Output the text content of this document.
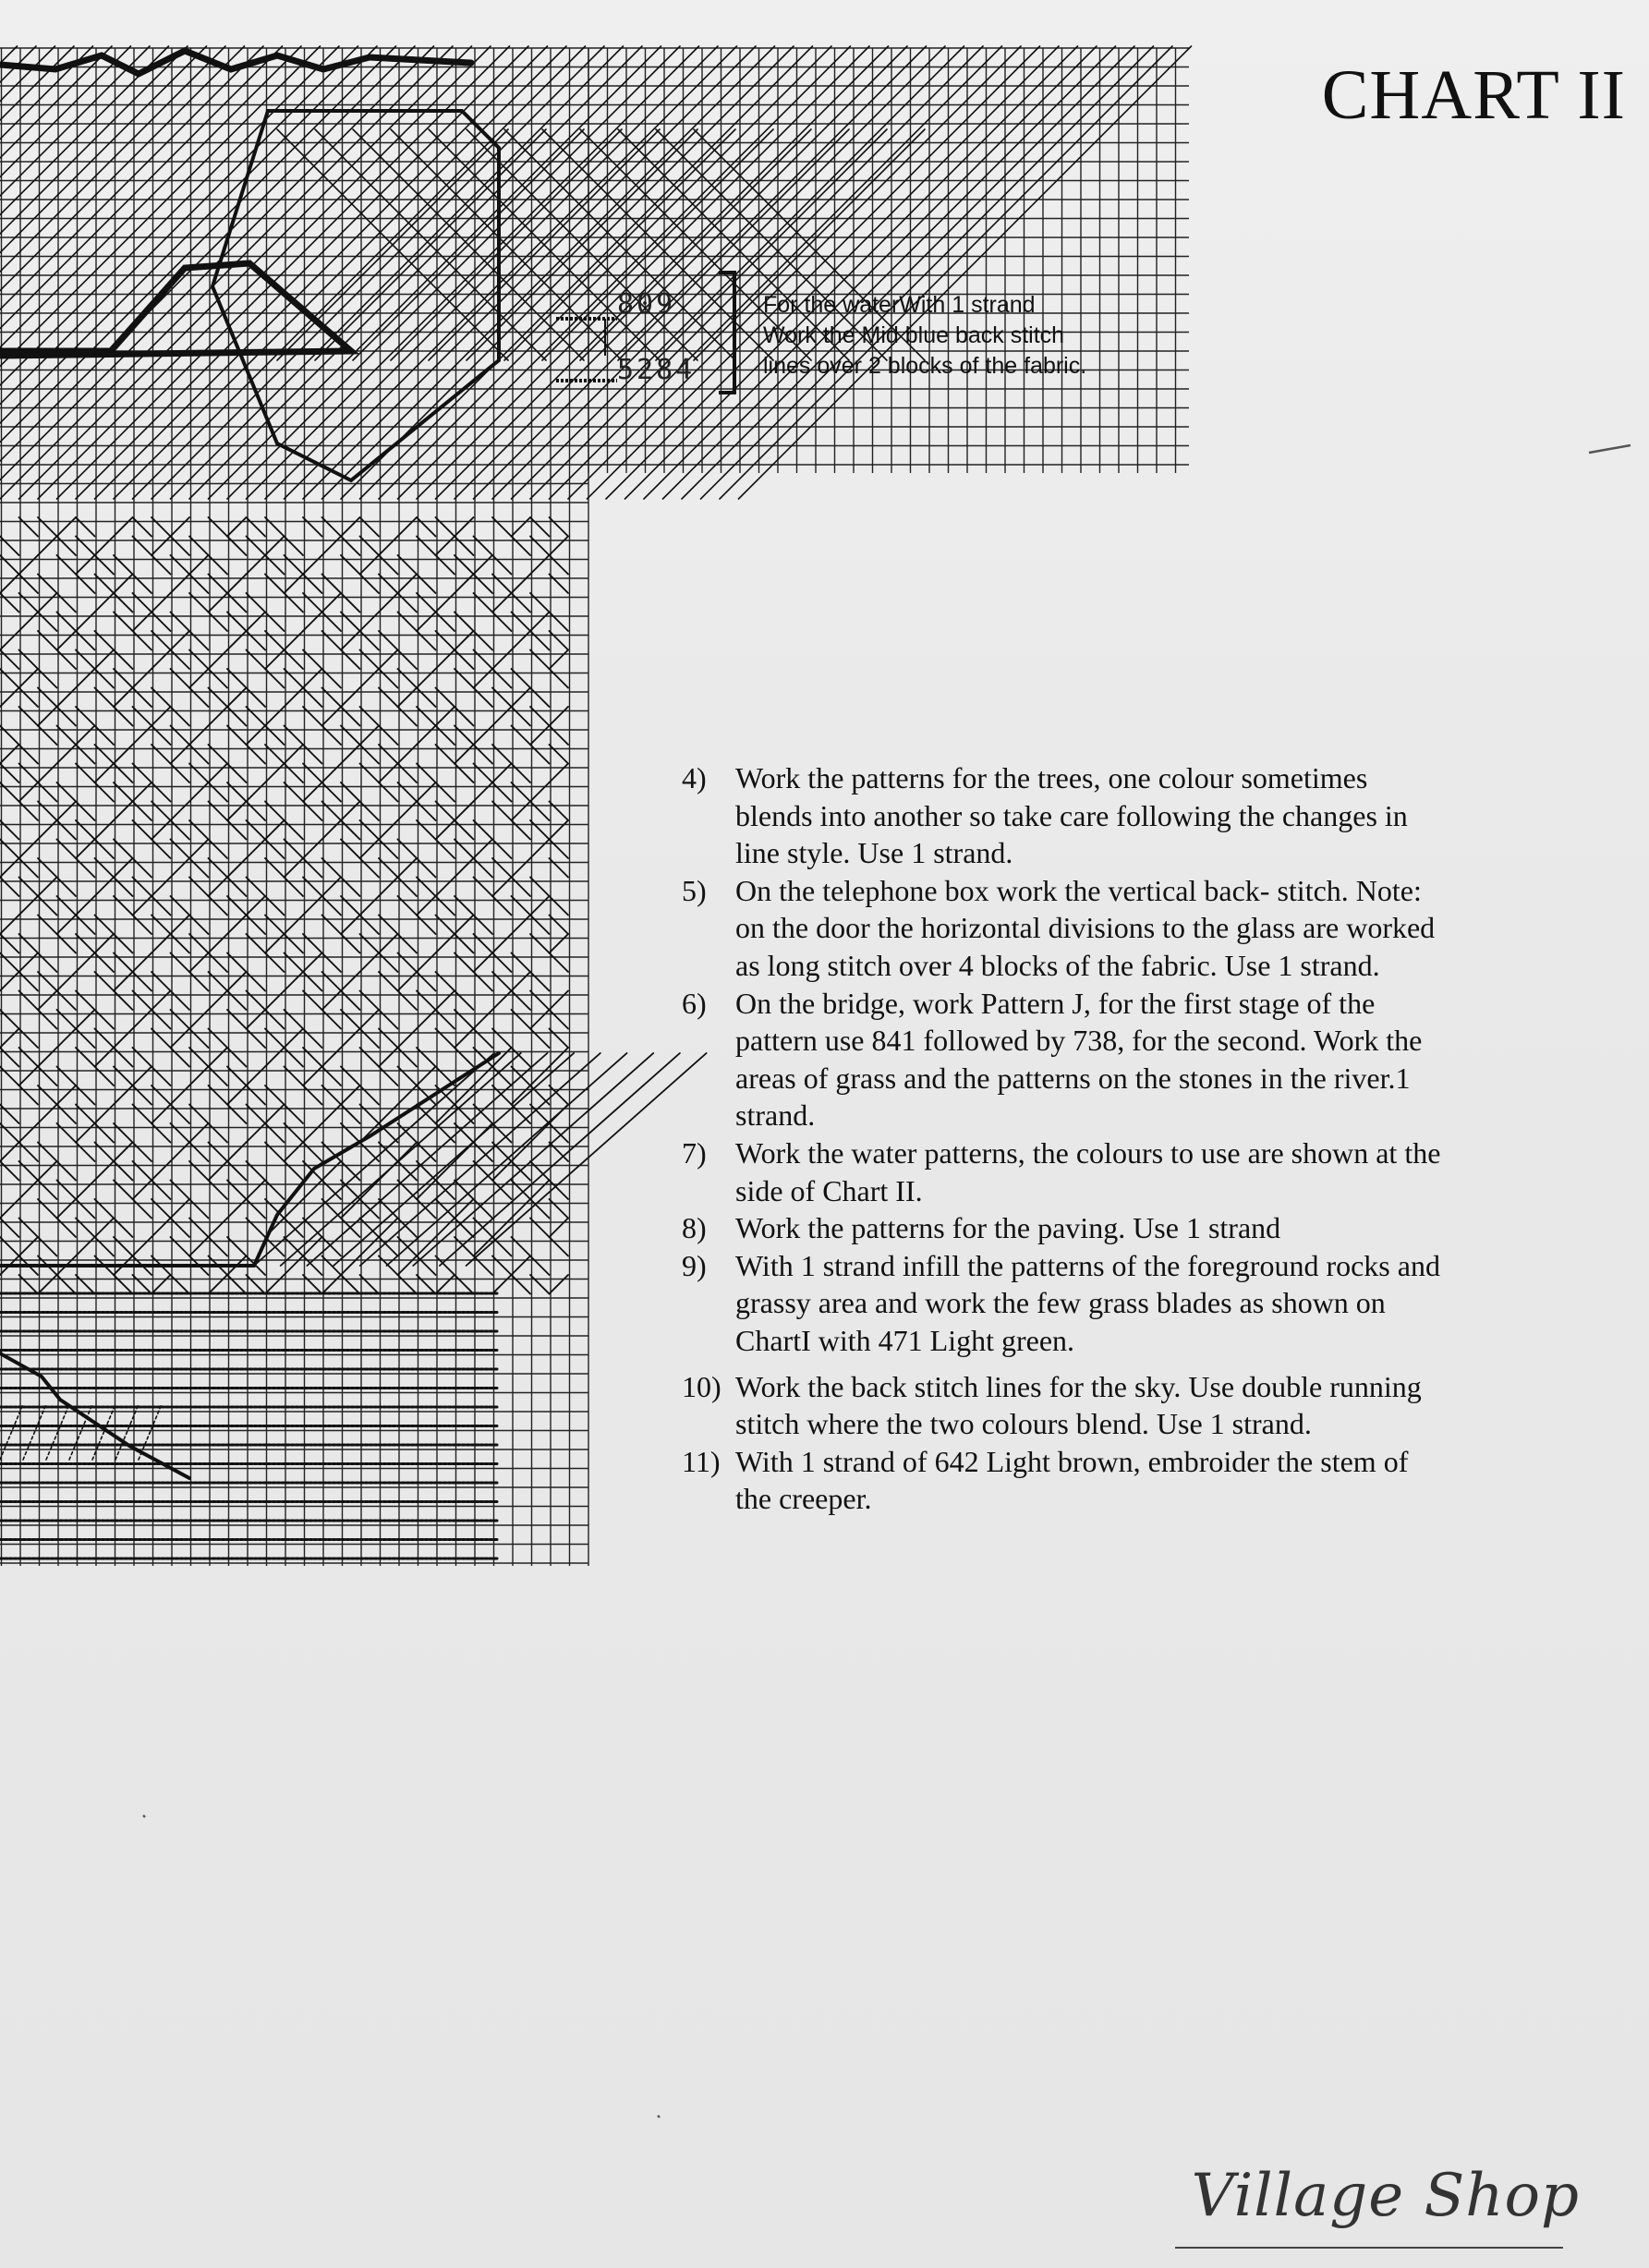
CHART II
809
5284
For the waterWith 1 strand
Work the Mid blue back stitch
lines over 2 blocks of the fabric.
4) Work the patterns for the trees, one colour sometimes
blends into another so take care following the changes in
line style. Use 1 strand.
5) On the telephone box work the vertical back- stitch. Note:
on the door the horizontal divisions to the glass are worked
as long stitch over 4 blocks of the fabric. Use 1 strand.
6) On the bridge, work Pattern J, for the first stage of the
pattern use 841 followed by 738, for the second. Work the
areas of grass and the patterns on the stones in the river.1
strand.
7) Work the water patterns, the colours to use are shown at the
side of Chart II.
8) Work the patterns for the paving. Use 1 strand
9) With 1 strand infill the patterns of the foreground rocks and
grassy area and work the few grass blades as shown on
ChartI with 471 Light green.
10) Work the back stitch lines for the sky. Use double running
stitch where the two colours blend. Use 1 strand.
11) With 1 strand of 642 Light brown, embroider the stem of
the creeper.
Village Shop
